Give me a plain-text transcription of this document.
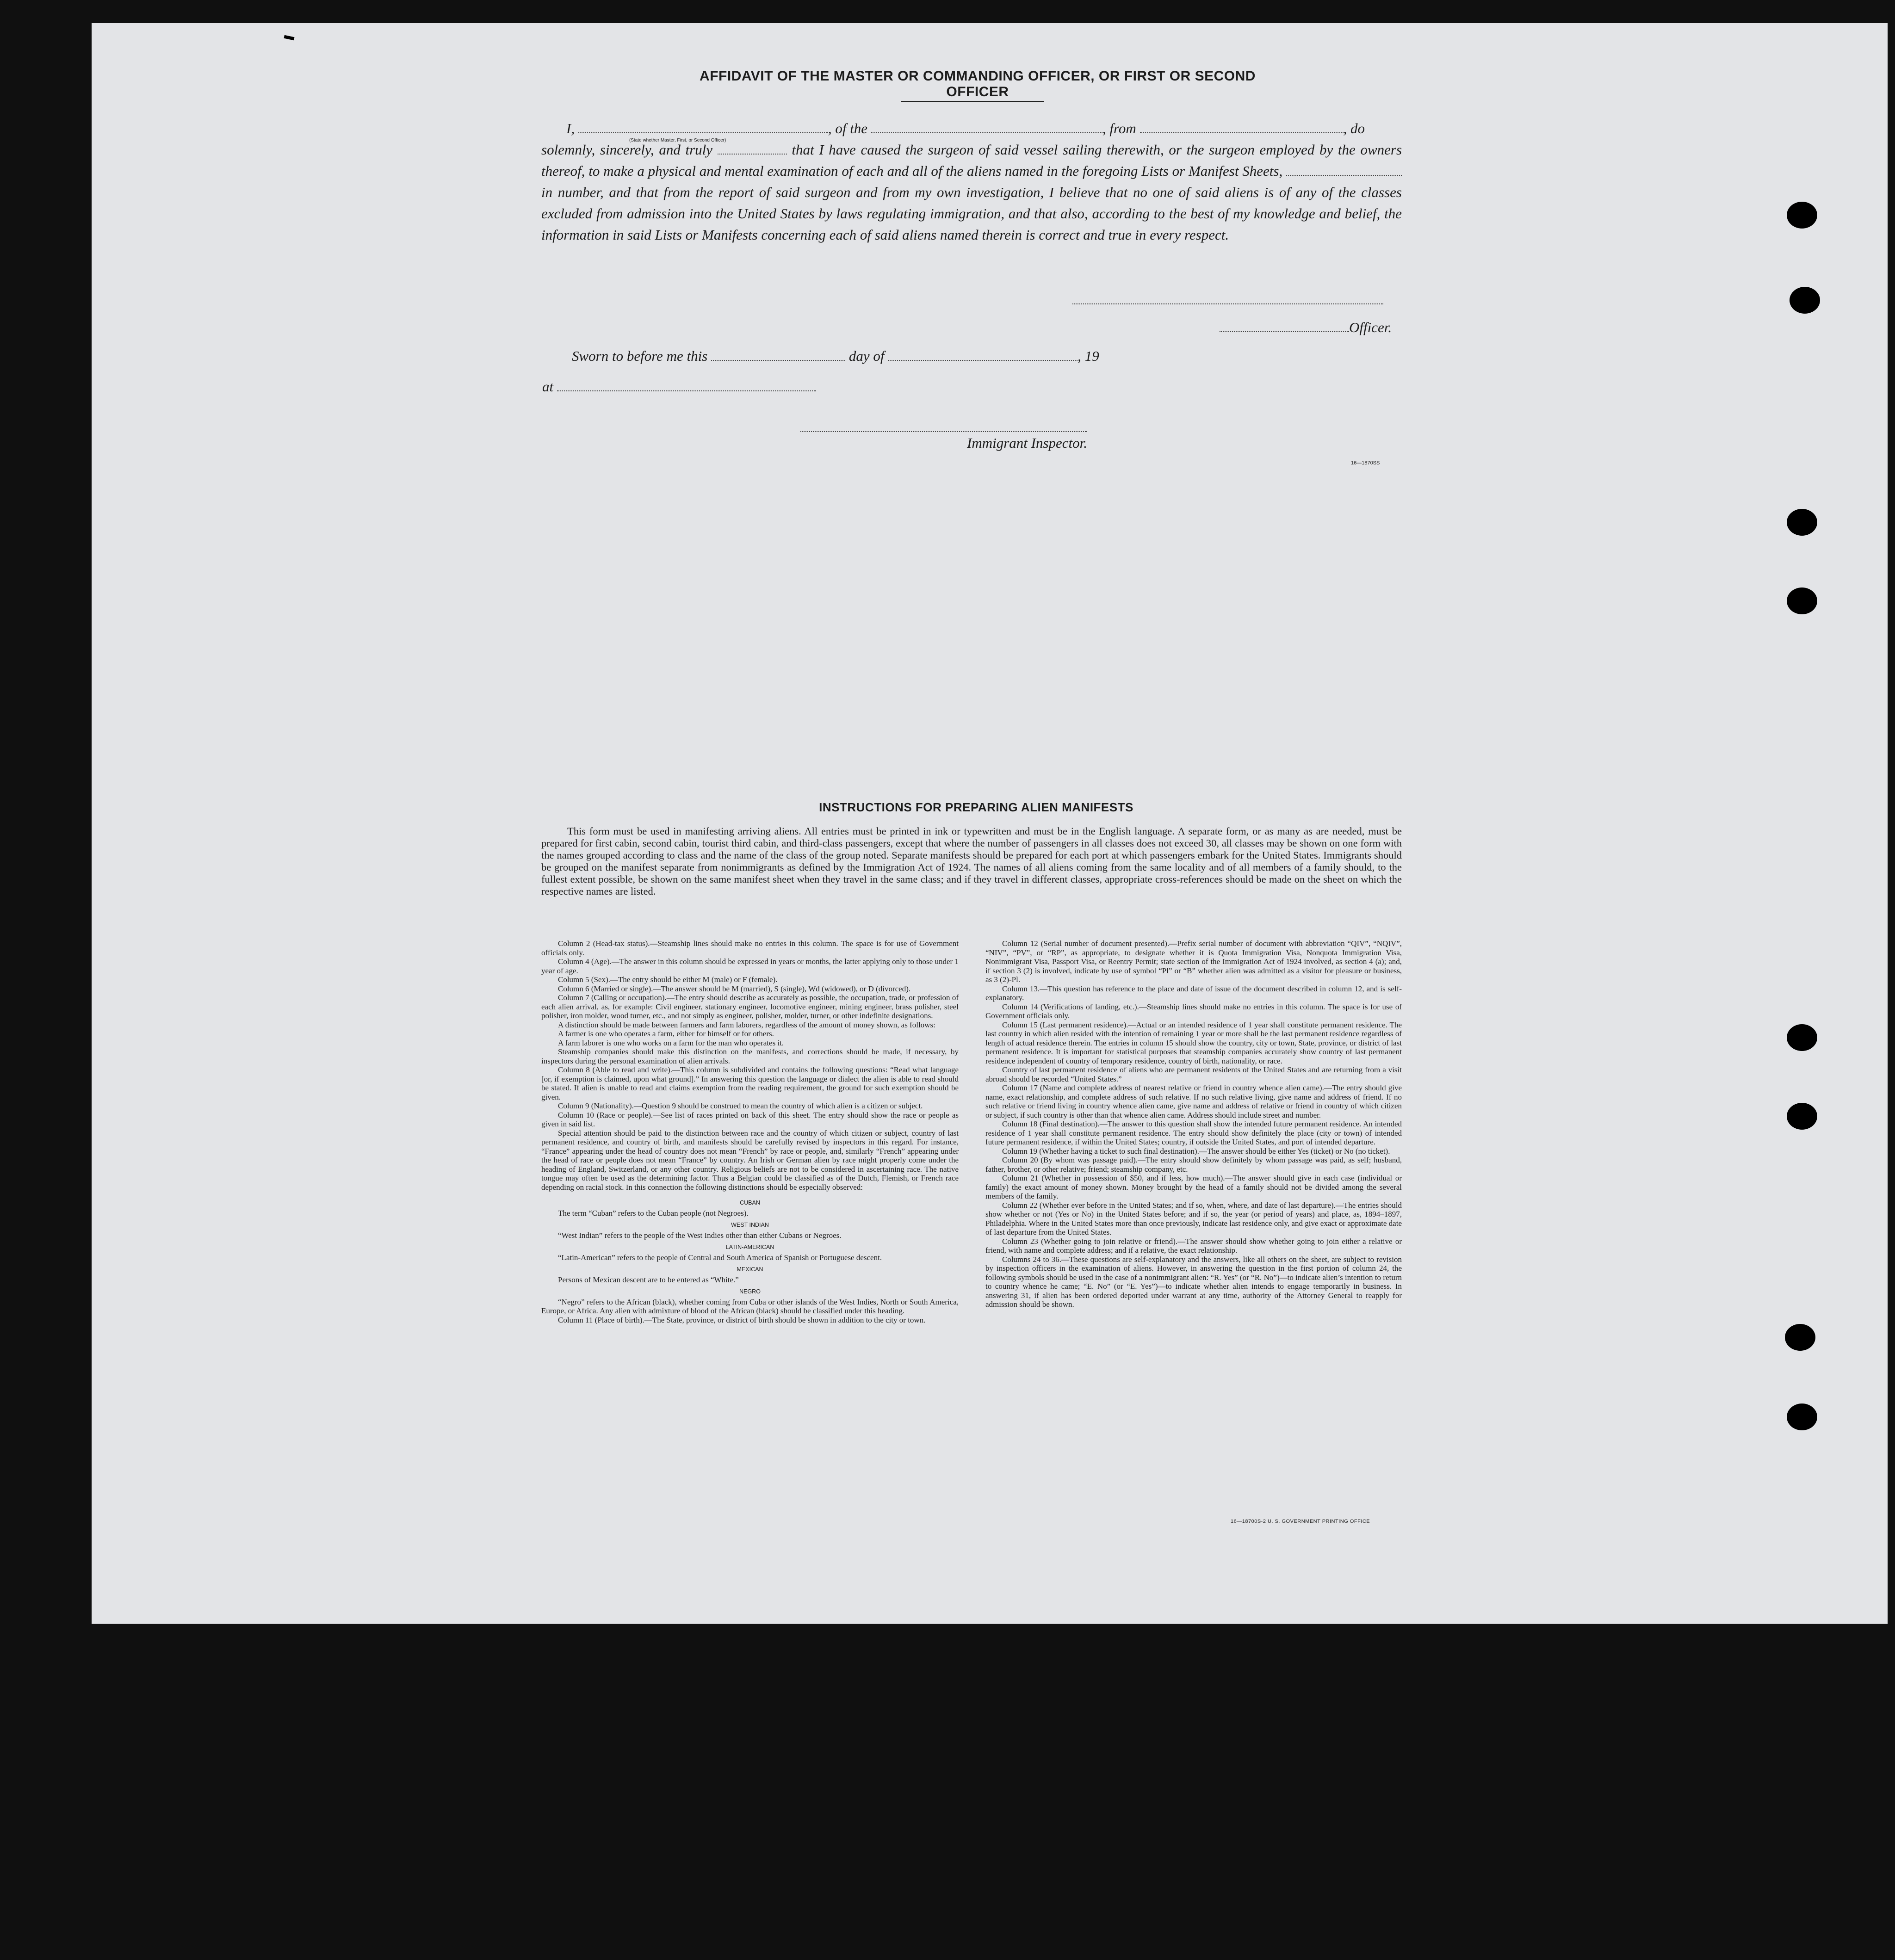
AFFIDAVIT OF THE MASTER OR COMMANDING OFFICER, OR FIRST OR SECOND OFFICER

I,	, of the	, from	, do
solemnly, sincerely, and truly	that I have caused the surgeon of said vessel sailing therewith, or the surgeon employed by the owners thereof, to make a physical and mental examination of each and all of the aliens named in the foregoing Lists or Manifest Sheets,  in number, and that from the report of said surgeon and from my own investigation, I believe that no one of said aliens is of any of the classes excluded from admission into the United States by laws regulating immigration, and that also, according to the best of my knowledge and belief, the information in said Lists or Manifests concerning each of said aliens named therein is correct and true in every respect.

(State whether Master, First, or Second Officer)
Officer.
Sworn to before me this	day of	, 19
at
Immigrant Inspector.
16—1870SS
INSTRUCTIONS FOR PREPARING ALIEN MANIFESTS

This form must be used in manifesting arriving aliens. All entries must be printed in ink or typewritten and must be in the English language. A separate form, or as many as are needed, must be prepared for first cabin, second cabin, tourist third cabin, and third-class passengers, except that where the number of passengers in all classes does not exceed 30, all classes may be shown on one form with the names grouped according to class and the name of the class of the group noted. Separate manifests should be prepared for each port at which passengers embark for the United States. Immigrants should be grouped on the manifest separate from nonimmigrants as defined by the Immigration Act of 1924. The names of all aliens coming from the same locality and of all members of a family should, to the fullest extent possible, be shown on the same manifest sheet when they travel in the same class; and if they travel in different classes, appropriate cross-references should be made on the sheet on which the respective names are listed.

Column 2 (Head-tax status).—Steamship lines should make no entries in this column. The space is for use of Government officials only.

Column 4 (Age).—The answer in this column should be expressed in years or months, the latter applying only to those under 1 year of age.

Column 5 (Sex).—The entry should be either M (male) or F (female).

Column 6 (Married or single).—The answer should be M (married), S (single), Wd (widowed), or D (divorced).

Column 7 (Calling or occupation).—The entry should describe as accurately as possible, the occupation, trade, or profession of each alien arrival, as, for example: Civil engineer, stationary engineer, locomotive engineer, mining engineer, brass polisher, steel polisher, iron molder, wood turner, etc., and not simply as engineer, polisher, molder, turner, or other indefinite designations.

A distinction should be made between farmers and farm laborers, regardless of the amount of money shown, as follows:

A farmer is one who operates a farm, either for himself or for others.

A farm laborer is one who works on a farm for the man who operates it.

Steamship companies should make this distinction on the manifests, and corrections should be made, if necessary, by inspectors during the personal examination of alien arrivals.

Column 8 (Able to read and write).—This column is subdivided and contains the following questions: “Read what language [or, if exemption is claimed, upon what ground].” In answering this question the language or dialect the alien is able to read should be stated. If alien is unable to read and claims exemption from the reading requirement, the ground for such exemption should be given.

Column 9 (Nationality).—Question 9 should be construed to mean the country of which alien is a citizen or subject.

Column 10 (Race or people).—See list of races printed on back of this sheet. The entry should show the race or people as given in said list.

Special attention should be paid to the distinction between race and the country of which citizen or subject, country of last permanent residence, and country of birth, and manifests should be carefully revised by inspectors in this regard. For instance, “France” appearing under the head of country does not mean “French” by race or people, and, similarly “French” appearing under the head of race or people does not mean “France” by country. An Irish or German alien by race might properly come under the heading of England, Switzerland, or any other country. Religious beliefs are not to be considered in ascertaining race. The native tongue may often be used as the determining factor. Thus a Belgian could be classified as of the Dutch, Flemish, or French race depending on racial stock. In this connection the following distinctions should be especially observed:

CUBAN

The term “Cuban” refers to the Cuban people (not Negroes).

WEST INDIAN

“West Indian” refers to the people of the West Indies other than either Cubans or Negroes.

LATIN-AMERICAN

“Latin-American” refers to the people of Central and South America of Spanish or Portuguese descent.

MEXICAN

Persons of Mexican descent are to be entered as “White.”

NEGRO

“Negro” refers to the African (black), whether coming from Cuba or other islands of the West Indies, North or South America, Europe, or Africa. Any alien with admixture of blood of the African (black) should be classified under this heading.

Column 11 (Place of birth).—The State, province, or district of birth should be shown in addition to the city or town.

Column 12 (Serial number of document presented).—Prefix serial number of document with abbreviation “QIV”, “NQIV”, “NIV”, “PV”, or “RP”, as appropriate, to designate whether it is Quota Immigration Visa, Nonquota Immigration Visa, Nonimmigrant Visa, Passport Visa, or Reentry Permit; state section of the Immigration Act of 1924 involved, as section 4 (a); and, if section 3 (2) is involved, indicate by use of symbol “Pl” or “B” whether alien was admitted as a visitor for pleasure or business, as 3 (2)-Pl.

Column 13.—This question has reference to the place and date of issue of the document described in column 12, and is self-explanatory.

Column 14 (Verifications of landing, etc.).—Steamship lines should make no entries in this column. The space is for use of Government officials only.

Column 15 (Last permanent residence).—Actual or an intended residence of 1 year shall constitute permanent residence. The last country in which alien resided with the intention of remaining 1 year or more shall be the last permanent residence regardless of length of actual residence therein. The entries in column 15 should show the country, city or town, State, province, or district of last permanent residence. It is important for statistical purposes that steamship companies accurately show country of last permanent residence independent of country of temporary residence, country of birth, nationality, or race.

Country of last permanent residence of aliens who are permanent residents of the United States and are returning from a visit abroad should be recorded “United States.”

Column 17 (Name and complete address of nearest relative or friend in country whence alien came).—The entry should give name, exact relationship, and complete address of such relative. If no such relative living, give name and address of friend. If no such relative or friend living in country whence alien came, give name and address of relative or friend in country of which citizen or subject, if such country is other than that whence alien came. Address should include street and number.

Column 18 (Final destination).—The answer to this question shall show the intended future permanent residence. An intended residence of 1 year shall constitute permanent residence. The entry should show definitely the place (city or town) of intended future permanent residence, if within the United States; country, if outside the United States, and port of intended departure.

Column 19 (Whether having a ticket to such final destination).—The answer should be either Yes (ticket) or No (no ticket).

Column 20 (By whom was passage paid).—The entry should show definitely by whom passage was paid, as self; husband, father, brother, or other relative; friend; steamship company, etc.

Column 21 (Whether in possession of $50, and if less, how much).—The answer should give in each case (individual or family) the exact amount of money shown. Money brought by the head of a family should not be divided among the several members of the family.

Column 22 (Whether ever before in the United States; and if so, when, where, and date of last departure).—The entries should show whether or not (Yes or No) in the United States before; and if so, the year (or period of years) and place, as, 1894–1897, Philadelphia. Where in the United States more than once previously, indicate last residence only, and give exact or approximate date of last departure from the United States.

Column 23 (Whether going to join relative or friend).—The answer should show whether going to join either a relative or friend, with name and complete address; and if a relative, the exact relationship.

Columns 24 to 36.—These questions are self-explanatory and the answers, like all others on the sheet, are subject to revision by inspection officers in the examination of aliens. However, in answering the question in the first portion of column 24, the following symbols should be used in the case of a nonimmigrant alien: “R. Yes” (or “R. No”)—to indicate alien’s intention to return to country whence he came; “E. No” (or “E. Yes”)—to indicate whether alien intends to engage temporarily in business. In answering 31, if alien has been ordered deported under warrant at any time, authority of the Attorney General to reapply for admission should be shown.

16—18700S-2 U. S. GOVERNMENT PRINTING OFFICE
